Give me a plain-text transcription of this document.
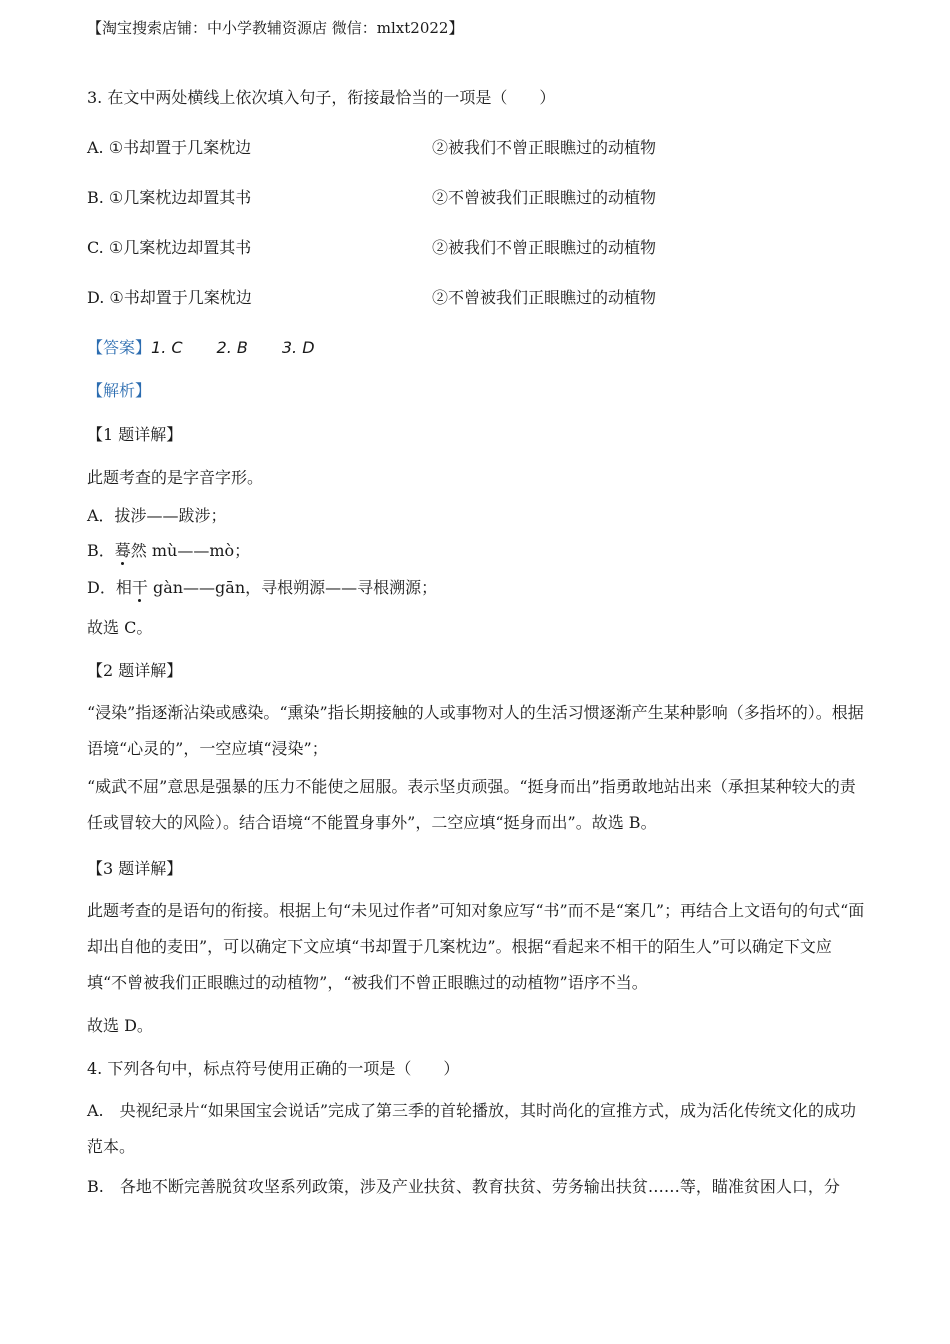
【淘宝搜索店铺：中小学教辅资源店 微信：mlxt2022】
3. 在文中两处横线上依次填入句子，衔接最恰当的一项是（　　）
A. ①书却置于几案枕边	②被我们不曾正眼瞧过的动植物
B. ①几案枕边却置其书	②不曾被我们正眼瞧过的动植物
C. ①几案枕边却置其书	②被我们不曾正眼瞧过的动植物
D. ①书却置于几案枕边	②不曾被我们正眼瞧过的动植物
【答案】1. C 2. B 3. D
【解析】
【1 题详解】
此题考查的是字音字形。
A．拔涉——跋涉；
B．蓦然 mù——mò；
D．相干 gàn——gān，寻根朔源——寻根溯源；
故选 C。
【2 题详解】
“浸染”指逐渐沾染或感染。“熏染”指长期接触的人或事物对人的生活习惯逐渐产生某种影响（多指坏的）。根据语境“心灵的”，一空应填“浸染”；
“威武不屈”意思是强暴的压力不能使之屈服。表示坚贞顽强。“挺身而出”指勇敢地站出来（承担某种较大的责任或冒较大的风险）。结合语境“不能置身事外”，二空应填“挺身而出”。故选 B。
【3 题详解】
此题考查的是语句的衔接。根据上句“未见过作者”可知对象应写“书”而不是“案几”；再结合上文语句的句式“面却出自他的麦田”，可以确定下文应填“书却置于几案枕边”。根据“看起来不相干的陌生人”可以确定下文应填“不曾被我们正眼瞧过的动植物”，“被我们不曾正眼瞧过的动植物”语序不当。
故选 D。
4. 下列各句中，标点符号使用正确的一项是（　　）
A.　央视纪录片“如果国宝会说话”完成了第三季的首轮播放，其时尚化的宣推方式，成为活化传统文化的成功范本。
B.　各地不断完善脱贫攻坚系列政策，涉及产业扶贫、教育扶贫、劳务输出扶贫……等，瞄准贫困人口，分
